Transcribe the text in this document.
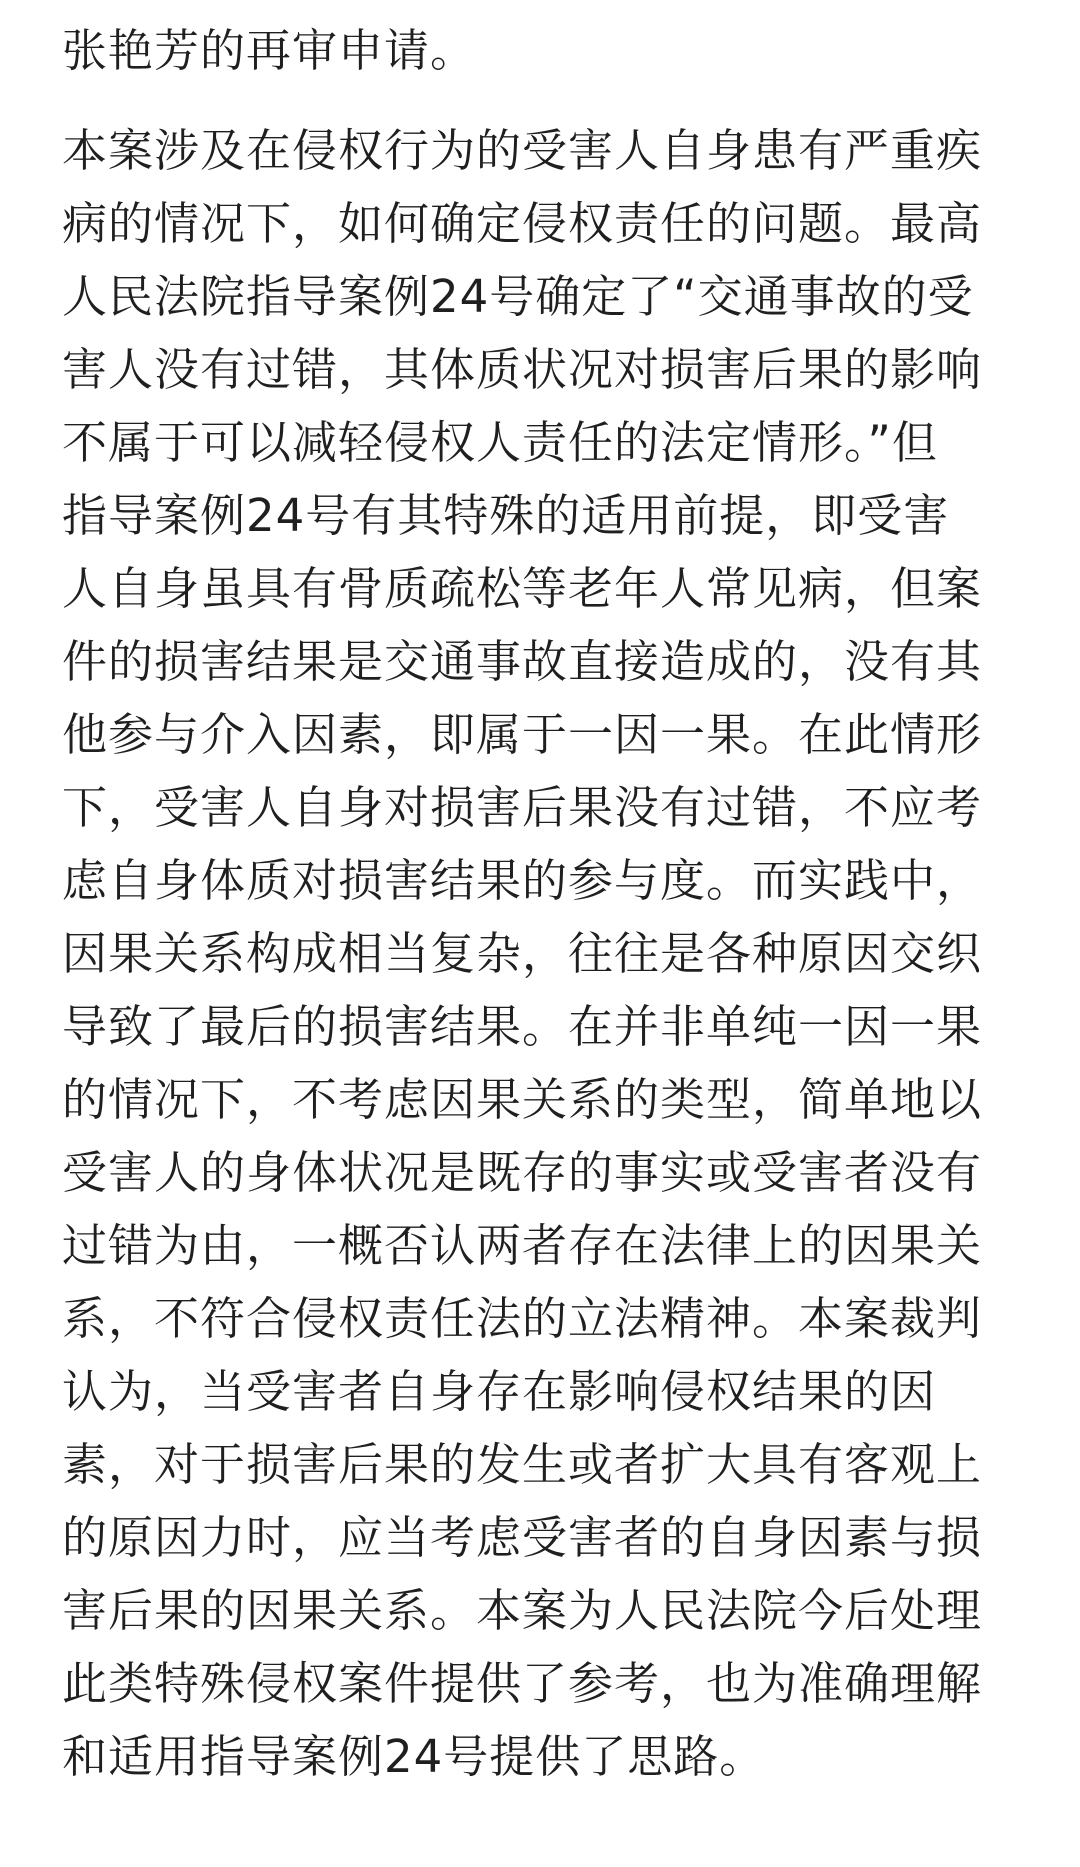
张艳芳的再审申请。

本案涉及在侵权行为的受害人自身患有严重疾
病的情况下，如何确定侵权责任的问题。最高
人民法院指导案例24号确定了“交通事故的受
害人没有过错，其体质状况对损害后果的影响
不属于可以减轻侵权人责任的法定情形。”但
指导案例24号有其特殊的适用前提，即受害
人自身虽具有骨质疏松等老年人常见病，但案
件的损害结果是交通事故直接造成的，没有其
他参与介入因素，即属于一因一果。在此情形
下，受害人自身对损害后果没有过错，不应考
虑自身体质对损害结果的参与度。而实践中，
因果关系构成相当复杂，往往是各种原因交织
导致了最后的损害结果。在并非单纯一因一果
的情况下，不考虑因果关系的类型，简单地以
受害人的身体状况是既存的事实或受害者没有
过错为由，一概否认两者存在法律上的因果关
系，不符合侵权责任法的立法精神。本案裁判
认为，当受害者自身存在影响侵权结果的因
素，对于损害后果的发生或者扩大具有客观上
的原因力时，应当考虑受害者的自身因素与损
害后果的因果关系。本案为人民法院今后处理
此类特殊侵权案件提供了参考，也为准确理解
和适用指导案例24号提供了思路。
